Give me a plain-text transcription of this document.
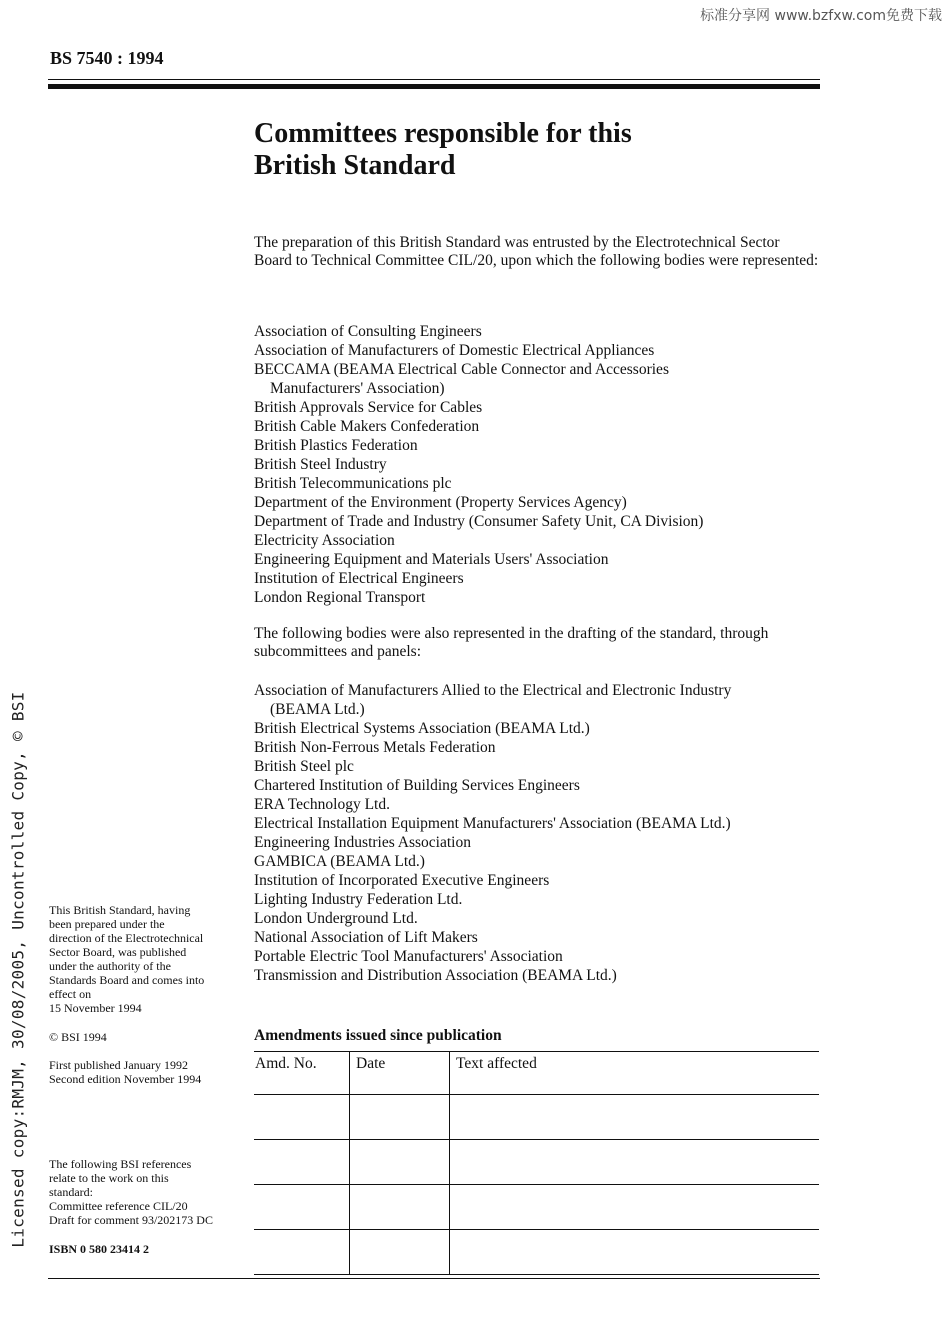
标准分享网 www.bzfxw.com免费下载
BS 7540 : 1994
Committees responsible for this
British Standard

The preparation of this British Standard was entrusted by the Electrotechnical Sector Board to Technical Committee CIL/20, upon which the following bodies were represented:

Association of Consulting Engineers
Association of Manufacturers of Domestic Electrical Appliances
BECCAMA (BEAMA Electrical Cable Connector and Accessories
Manufacturers' Association)
British Approvals Service for Cables
British Cable Makers Confederation
British Plastics Federation
British Steel Industry
British Telecommunications plc
Department of the Environment (Property Services Agency)
Department of Trade and Industry (Consumer Safety Unit, CA Division)
Electricity Association
Engineering Equipment and Materials Users' Association
Institution of Electrical Engineers
London Regional Transport

The following bodies were also represented in the drafting of the standard, through subcommittees and panels:

Association of Manufacturers Allied to the Electrical and Electronic Industry
(BEAMA Ltd.)
British Electrical Systems Association (BEAMA Ltd.)
British Non-Ferrous Metals Federation
British Steel plc
Chartered Institution of Building Services Engineers
ERA Technology Ltd.
Electrical Installation Equipment Manufacturers' Association (BEAMA Ltd.)
Engineering Industries Association
GAMBICA (BEAMA Ltd.)
Institution of Incorporated Executive Engineers
Lighting Industry Federation Ltd.
London Underground Ltd.
National Association of Lift Makers
Portable Electric Tool Manufacturers' Association
Transmission and Distribution Association (BEAMA Ltd.)

This British Standard, having

been prepared under the

direction of the Electrotechnical

Sector Board, was published

under the authority of the

Standards Board and comes into

effect on

15 November 1994

© BSI 1994

First published January 1992

Second edition November 1994

The following BSI references

relate to the work on this

standard:

Committee reference CIL/20

Draft for comment 93/202173 DC

ISBN 0 580 23414 2
Amendments issued since publication
Amd. No.	Date	Text affected

Licensed copy:RMJM, 30/08/2005, Uncontrolled Copy, © BSI
